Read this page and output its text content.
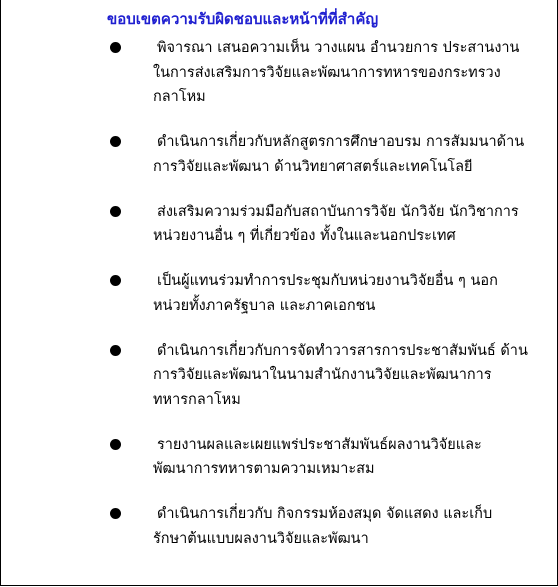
ขอบเขตความรับผิดชอบและหน้าที่ที่สำคัญ
พิจารณา เสนอความเห็น วางแผน อำนวยการ ประสานงาน
ในการส่งเสริมการวิจัยและพัฒนาการทหารของกระทรวง
กลาโหม
ดำเนินการเกี่ยวกับหลักสูตรการศึกษาอบรม การสัมมนาด้าน
การวิจัยและพัฒนา ด้านวิทยาศาสตร์และเทคโนโลยี
ส่งเสริมความร่วมมือกับสถาบันการวิจัย นักวิจัย นักวิชาการ
หน่วยงานอื่น ๆ ที่เกี่ยวข้อง ทั้งในและนอกประเทศ
เป็นผู้แทนร่วมทำการประชุมกับหน่วยงานวิจัยอื่น ๆ นอก
หน่วยทั้งภาครัฐบาล และภาคเอกชน
ดำเนินการเกี่ยวกับการจัดทำวารสารการประชาสัมพันธ์ ด้าน
การวิจัยและพัฒนาในนามสำนักงานวิจัยและพัฒนาการ
ทหารกลาโหม
รายงานผลและเผยแพร่ประชาสัมพันธ์ผลงานวิจัยและ
พัฒนาการทหารตามความเหมาะสม
ดำเนินการเกี่ยวกับ กิจกรรมห้องสมุด จัดแสดง และเก็บ
รักษาต้นแบบผลงานวิจัยและพัฒนา
